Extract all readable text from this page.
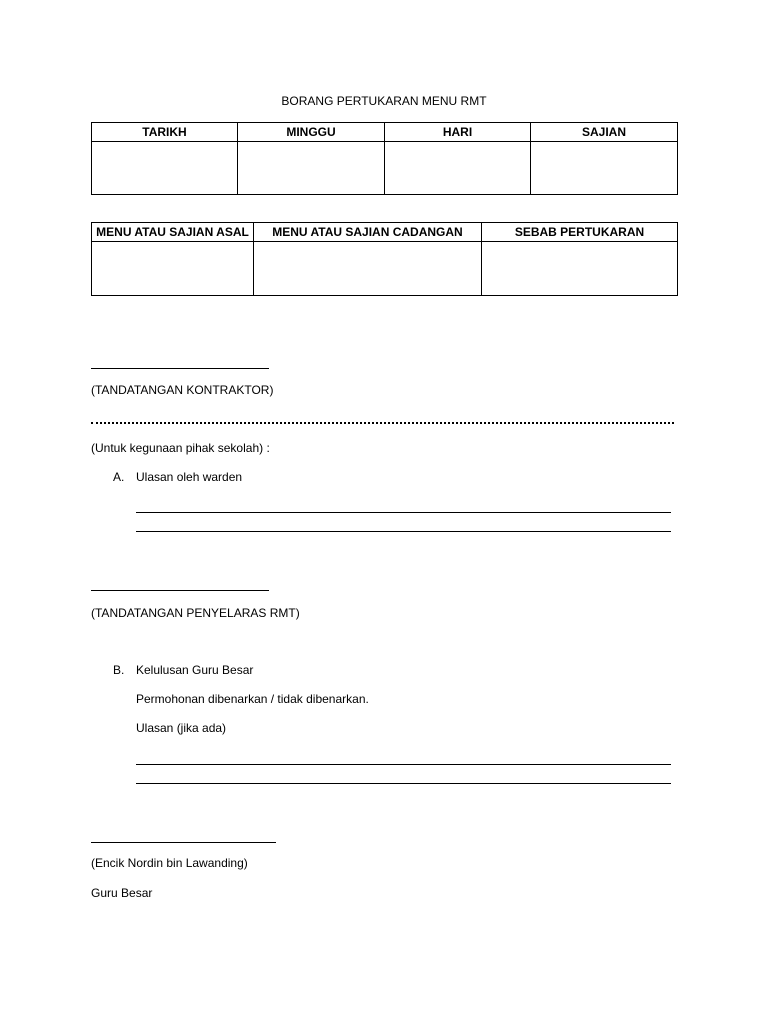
BORANG PERTUKARAN MENU RMT
TARIKH	MINGGU	HARI	SAJIAN

MENU ATAU SAJIAN ASAL	MENU ATAU SAJIAN CADANGAN	SEBAB PERTUKARAN

(TANDATANGAN KONTRAKTOR)
(Untuk kegunaan pihak sekolah) :
A. Ulasan oleh warden
(TANDATANGAN PENYELARAS RMT)
B. Kelulusan Guru Besar
Permohonan dibenarkan / tidak dibenarkan.
Ulasan (jika ada)
(Encik Nordin bin Lawanding)
Guru Besar
